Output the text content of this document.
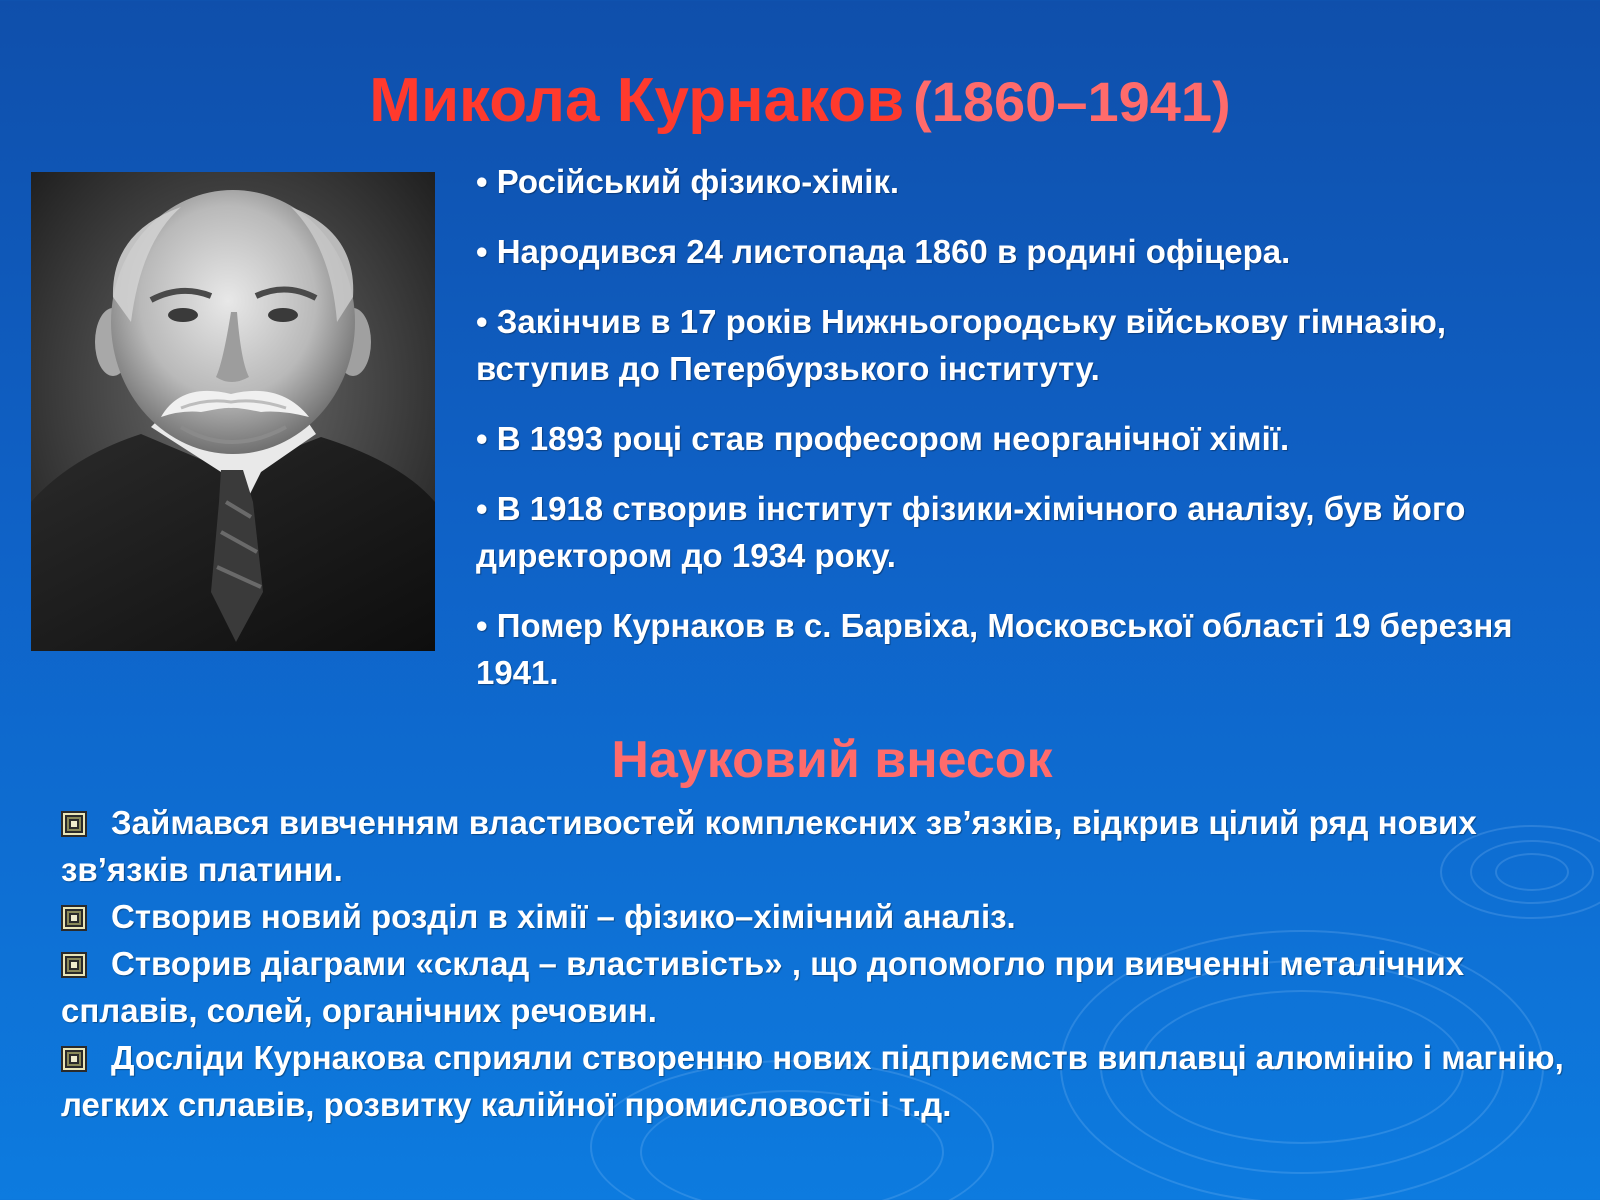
Микола Курнаков (1860–1941)

• Російський фізико-хімік.

• Народився 24 листопада 1860 в родині офіцера.

• Закінчив в 17 років Нижньогородську військову гімназію, вступив до Петербурзького інституту.

• В 1893 році став професором неорганічної хімії.

• В 1918 створив інститут фізики-хімічного аналізу, був його директором до 1934 року.

• Помер Курнаков в с. Барвіха, Московської області 19 березня 1941.

Науковий внесок
Займався вивченням властивостей комплексних зв’язків, відкрив цілий ряд нових зв’язків платини.
Створив новий розділ в хімії – фізико–хімічний аналіз.
Створив діаграми «склад – властивість» , що допомогло при вивченні металічних сплавів, солей, органічних речовин.
Досліди Курнакова сприяли створенню нових підприємств виплавці алюмінію і магнію, легких сплавів, розвитку калійної промисловості і т.д.
